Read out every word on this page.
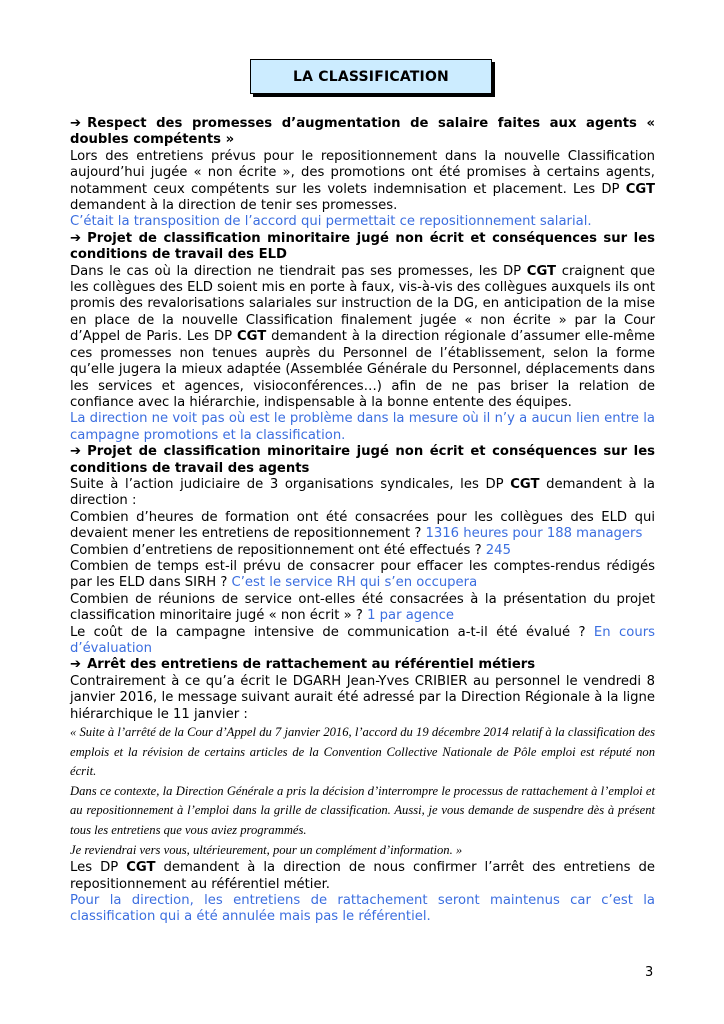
LA CLASSIFICATION

➔ Respect des promesses d’augmentation de salaire faites aux agents « doubles compétents »

Lors des entretiens prévus pour le repositionnement dans la nouvelle Classification aujourd’hui jugée « non écrite », des promotions ont été promises à certains agents, notamment ceux compétents sur les volets indemnisation et placement. Les DP CGT demandent à la direction de tenir ses promesses.

C’était la transposition de l’accord qui permettait ce repositionnement salarial.

➔ Projet de classification minoritaire jugé non écrit et conséquences sur les conditions de travail des ELD

Dans le cas où la direction ne tiendrait pas ses promesses, les DP CGT craignent que les collègues des ELD soient mis en porte à faux, vis-à-vis des collègues auxquels ils ont promis des revalorisations salariales sur instruction de la DG, en anticipation de la mise en place de la nouvelle Classification finalement jugée « non écrite » par la Cour d’Appel de Paris. Les DP CGT demandent à la direction régionale d’assumer elle-même ces promesses non tenues auprès du Personnel de l’établissement, selon la forme qu’elle jugera la mieux adaptée (Assemblée Générale du Personnel, déplacements dans les services et agences, visioconférences…) afin de ne pas briser la relation de confiance avec la hiérarchie, indispensable à la bonne entente des équipes.

La direction ne voit pas où est le problème dans la mesure où il n’y a aucun lien entre la campagne promotions et la classification.

➔ Projet de classification minoritaire jugé non écrit et conséquences sur les conditions de travail des agents

Suite à l’action judiciaire de 3 organisations syndicales, les DP CGT demandent à la direction :

Combien d’heures de formation ont été consacrées pour les collègues des ELD qui devaient mener les entretiens de repositionnement ? 1316 heures pour 188 managers

Combien d’entretiens de repositionnement ont été effectués ? 245

Combien de temps est-il prévu de consacrer pour effacer les comptes-rendus rédigés par les ELD dans SIRH ? C’est le service RH qui s’en occupera

Combien de réunions de service ont-elles été consacrées à la présentation du projet classification minoritaire jugé « non écrit » ? 1 par agence

Le coût de la campagne intensive de communication a-t-il été évalué ? En cours d’évaluation

➔ Arrêt des entretiens de rattachement au référentiel métiers

Contrairement à ce qu’a écrit le DGARH Jean-Yves CRIBIER au personnel le vendredi 8 janvier 2016, le message suivant aurait été adressé par la Direction Régionale à la ligne hiérarchique le 11 janvier :

« Suite à l’arrêté de la Cour d’Appel du 7 janvier 2016, l’accord du 19 décembre 2014 relatif à la classification des emplois et la révision de certains articles de la Convention Collective Nationale de Pôle emploi est réputé non écrit.

Dans ce contexte, la Direction Générale a pris la décision d’interrompre le processus de rattachement à l’emploi et au repositionnement à l’emploi dans la grille de classification. Aussi, je vous demande de suspendre dès à présent tous les entretiens que vous aviez programmés.

Je reviendrai vers vous, ultérieurement, pour un complément d’information. »

Les DP CGT demandent à la direction de nous confirmer l’arrêt des entretiens de repositionnement au référentiel métier.

Pour la direction, les entretiens de rattachement seront maintenus car c’est la classification qui a été annulée mais pas le référentiel.

3
